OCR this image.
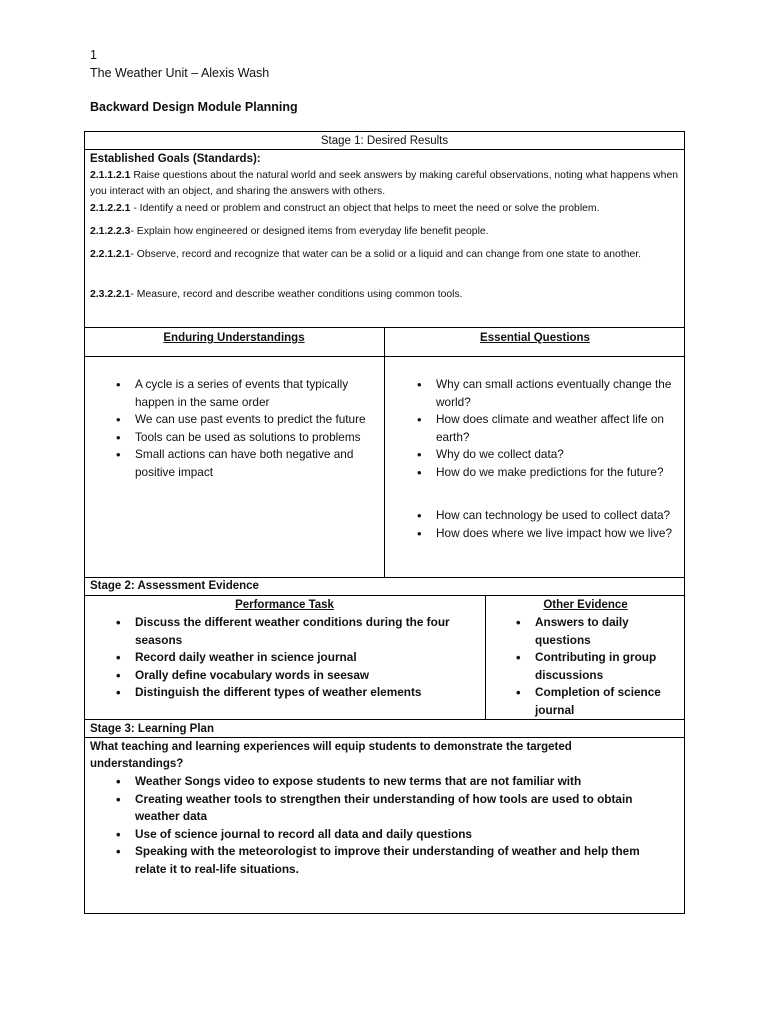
1
The Weather Unit – Alexis Wash
Backward Design Module Planning
Stage 1: Desired Results
Established Goals (Standards):
2.1.1.2.1 Raise questions about the natural world and seek answers by making careful observations, noting what happens when you interact with an object, and sharing the answers with others.
2.1.2.2.1 - Identify a need or problem and construct an object that helps to meet the need or solve the problem.
2.1.2.2.3- Explain how engineered or designed items from everyday life benefit people.
2.2.1.2.1- Observe, record and recognize that water can be a solid or a liquid and can change from one state to another.
2.3.2.2.1- Measure, record and describe weather conditions using common tools.
Enduring Understandings	Essential Questions
• A cycle is a series of events that typically happen in the same order
• We can use past events to predict the future
• Tools can be used as solutions to problems
• Small actions can have both negative and positive impact
• Why can small actions eventually change the world?
• How does climate and weather affect life on earth?
• Why do we collect data?
• How do we make predictions for the future?
• How can technology be used to collect data?
• How does where we live impact how we live?
Stage 2: Assessment Evidence
Performance Task	Other Evidence
• Discuss the different weather conditions during the four seasons
• Record daily weather in science journal
• Orally define vocabulary words in seesaw
• Distinguish the different types of weather elements
• Answers to daily questions
• Contributing in group discussions
• Completion of science journal
Stage 3: Learning Plan
What teaching and learning experiences will equip students to demonstrate the targeted understandings?
• Weather Songs video to expose students to new terms that are not familiar with
• Creating weather tools to strengthen their understanding of how tools are used to obtain weather data
• Use of science journal to record all data and daily questions
• Speaking with the meteorologist to improve their understanding of weather and help them relate it to real-life situations.
